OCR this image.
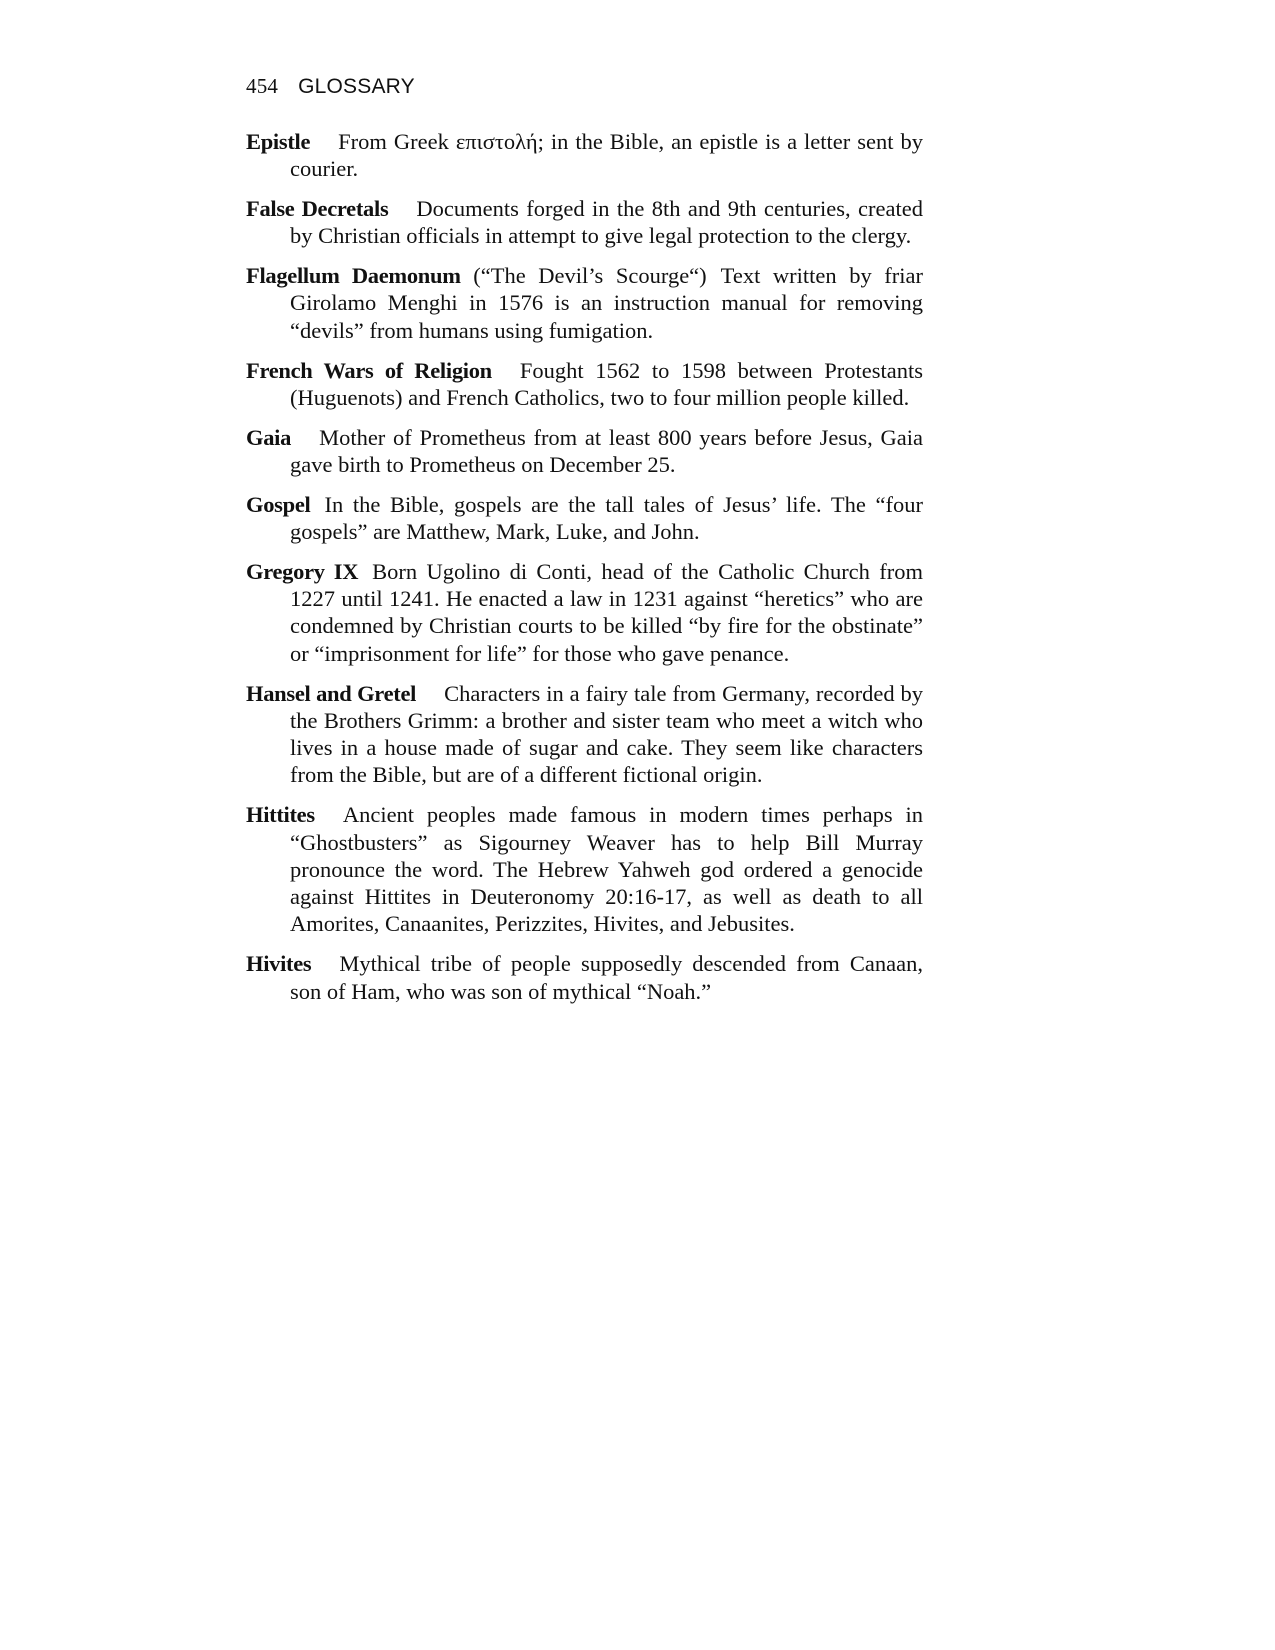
454 GLOSSARY

Epistle From Greek επιστολή; in the Bible, an epistle is a letter sent by courier.

False Decretals Documents forged in the 8th and 9th centuries, created by Christian officials in attempt to give legal protection to the clergy.

Flagellum Daemonum (“The Devil’s Scourge“) Text written by friar Girolamo Menghi in 1576 is an instruction manual for removing “devils” from humans using fumigation.

French Wars of Religion Fought 1562 to 1598 between Protestants (Huguenots) and French Catholics, two to four million people killed.

Gaia Mother of Prometheus from at least 800 years before Jesus, Gaia gave birth to Prometheus on December 25.

Gospel In the Bible, gospels are the tall tales of Jesus’ life. The “four gospels” are Matthew, Mark, Luke, and John.

Gregory IX Born Ugolino di Conti, head of the Catholic Church from 1227 until 1241. He enacted a law in 1231 against “heretics” who are condemned by Christian courts to be killed “by fire for the obstinate” or “imprisonment for life” for those who gave penance.

Hansel and Gretel Characters in a fairy tale from Germany, recorded by the Brothers Grimm: a brother and sister team who meet a witch who lives in a house made of sugar and cake. They seem like characters from the Bible, but are of a different fictional origin.

Hittites Ancient peoples made famous in modern times perhaps in “Ghostbusters” as Sigourney Weaver has to help Bill Murray pronounce the word. The Hebrew Yahweh god ordered a genocide against Hittites in Deuteronomy 20:16-17, as well as death to all Amorites, Canaanites, Perizzites, Hivites, and Jebusites.

Hivites Mythical tribe of people supposedly descended from Canaan, son of Ham, who was son of mythical “Noah.”
